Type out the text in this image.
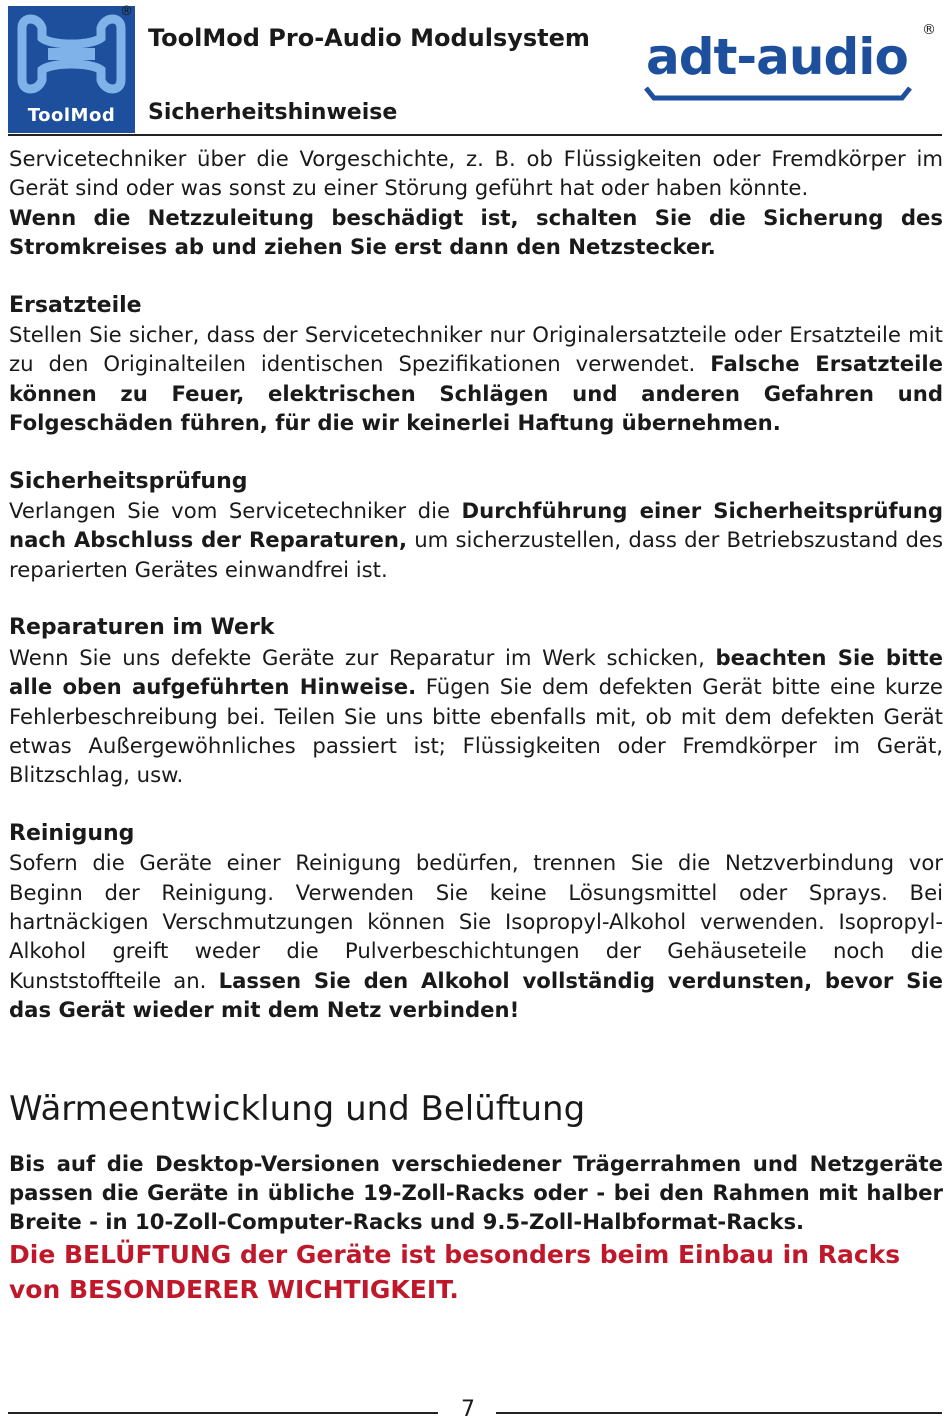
ToolMod
®
ToolMod Pro-Audio Modulsystem
Sicherheitshinweise
adt-audio ®

Servicetechniker über die Vorgeschichte, z. B. ob Flüssigkeiten oder Fremdkörper im Gerät sind oder was sonst zu einer Störung geführt hat oder haben könnte.
Wenn die Netzzuleitung beschädigt ist, schalten Sie die Sicherung des Stromkreises ab und ziehen Sie erst dann den Netzstecker.

Ersatzteile

Stellen Sie sicher, dass der Servicetechniker nur Originalersatzteile oder Ersatzteile mit zu den Originalteilen identischen Spezifikationen verwendet. Falsche Ersatzteile können zu Feuer, elektrischen Schlägen und anderen Gefahren und Folgeschäden führen, für die wir keinerlei Haftung übernehmen.

Sicherheitsprüfung

Verlangen Sie vom Servicetechniker die Durchführung einer Sicherheitsprüfung nach Abschluss der Reparaturen, um sicherzustellen, dass der Betriebszustand des reparierten Gerätes einwandfrei ist.

Reparaturen im Werk

Wenn Sie uns defekte Geräte zur Reparatur im Werk schicken, beachten Sie bitte alle oben aufgeführten Hinweise. Fügen Sie dem defekten Gerät bitte eine kurze Fehlerbeschreibung bei. Teilen Sie uns bitte ebenfalls mit, ob mit dem defekten Gerät etwas Außergewöhnliches passiert ist; Flüssigkeiten oder Fremdkörper im Gerät, Blitzschlag, usw.

Reinigung

Sofern die Geräte einer Reinigung bedürfen, trennen Sie die Netzverbindung vor Beginn der Reinigung. Verwenden Sie keine Lösungsmittel oder Sprays. Bei hartnäckigen Verschmutzungen können Sie Isopropyl-Alkohol verwenden. Isopropyl-Alkohol greift weder die Pulverbeschichtungen der Gehäuseteile noch die Kunststoffteile an. Lassen Sie den Alkohol vollständig verdunsten, bevor Sie das Gerät wieder mit dem Netz verbinden!

Wärmeentwicklung und Belüftung

Bis auf die Desktop-Versionen verschiedener Trägerrahmen und Netzgeräte passen die Geräte in übliche 19-Zoll-Racks oder - bei den Rahmen mit halber Breite - in 10-Zoll-Computer-Racks und 9.5-Zoll-Halbformat-Racks.

Die BELÜFTUNG der Geräte ist besonders beim Einbau in Racks von BESONDERER WICHTIGKEIT.

7
